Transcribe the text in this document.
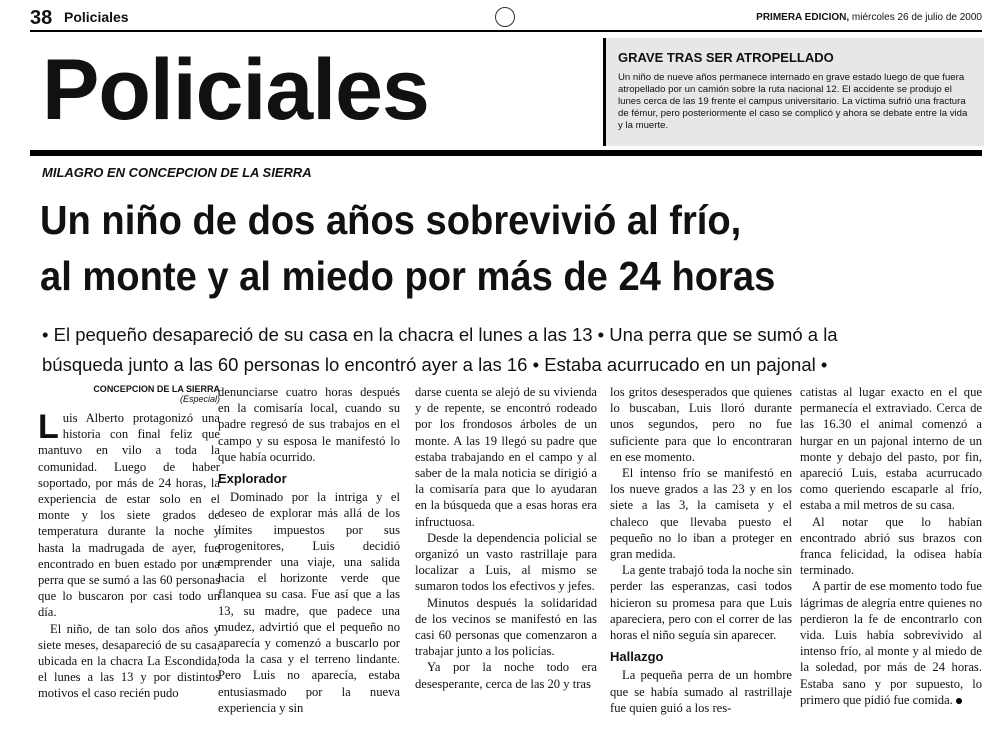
38 Policiales	PRIMERA EDICION, miércoles 26 de julio de 2000
Policiales	GRAVE TRAS SER ATROPELLADO
Un niño de nueve años permanece internado en grave estado luego de que fuera atropellado por un camión sobre la ruta nacional 12. El accidente se produjo el lunes cerca de las 19 frente el campus universitario. La víctima sufrió una fractura de fémur, pero posteriormente el caso se complicó y ahora se debate entre la vida y la muerte.
MILAGRO EN CONCEPCION DE LA SIERRA
Un niño de dos años sobrevivió al frío,
al monte y al miedo por más de 24 horas
• El pequeño desapareció de su casa en la chacra el lunes a las 13 • Una perra que se sumó a la
búsqueda junto a las 60 personas lo encontró ayer a las 16 • Estaba acurrucado en un pajonal •
CONCEPCION DE LA SIERRA
(Especial)

Luis Alberto protagonizó una historia con final feliz que mantuvo en vilo a toda la comunidad. Luego de haber soportado, por más de 24 horas, la experiencia de estar solo en el monte y los siete grados de temperatura durante la noche y hasta la madrugada de ayer, fue encontrado en buen estado por una perra que se sumó a las 60 personas que lo buscaron por casi todo un día.

El niño, de tan solo dos años y siete meses, desapareció de su casa, ubicada en la chacra La Escondida, el lunes a las 13 y por distintos motivos el caso recién pudo

denunciarse cuatro horas después en la comisaría local, cuando su padre regresó de sus trabajos en el campo y su esposa le manifestó lo que había ocurrido.

Explorador

Dominado por la intriga y el deseo de explorar más allá de los límites impuestos por sus progenitores, Luis decidió emprender una viaje, una salida hacia el horizonte verde que flanquea su casa. Fue así que a las 13, su madre, que padece una mudez, advirtió que el pequeño no aparecía y comenzó a buscarlo por toda la casa y el terreno lindante. Pero Luis no aparecía, estaba entusiasmado por la nueva experiencia y sin

darse cuenta se alejó de su vivienda y de repente, se encontró rodeado por los frondosos árboles de un monte. A las 19 llegó su padre que estaba trabajando en el campo y al saber de la mala noticia se dirigió a la comisaría para que lo ayudaran en la búsqueda que a esas horas era infructuosa.

Desde la dependencia policial se organizó un vasto rastrillaje para localizar a Luis, al mismo se sumaron todos los efectivos y jefes.

Minutos después la solidaridad de los vecinos se manifestó en las casi 60 personas que comenzaron a trabajar junto a los policías.

Ya por la noche todo era desesperante, cerca de las 20 y tras

los gritos desesperados que quienes lo buscaban, Luis lloró durante unos segundos, pero no fue suficiente para que lo encontraran en ese momento.

El intenso frío se manifestó en los nueve grados a las 23 y en los siete a las 3, la camiseta y el chaleco que llevaba puesto el pequeño no lo iban a proteger en gran medida.

La gente trabajó toda la noche sin perder las esperanzas, casi todos hicieron su promesa para que Luis apareciera, pero con el correr de las horas el niño seguía sin aparecer.

Hallazgo

La pequeña perra de un hombre que se había sumado al rastrillaje fue quien guió a los res-

catistas al lugar exacto en el que permanecía el extraviado. Cerca de las 16.30 el animal comenzó a hurgar en un pajonal interno de un monte y debajo del pasto, por fin, apareció Luis, estaba acurrucado como queriendo escaparle al frío, estaba a mil metros de su casa.

Al notar que lo habían encontrado abrió sus brazos con franca felicidad, la odisea había terminado.

A partir de ese momento todo fue lágrimas de alegría entre quienes no perdieron la fe de encontrarlo con vida. Luis había sobrevivido al intenso frío, al monte y al miedo de la soledad, por más de 24 horas. Estaba sano y por supuesto, lo primero que pidió fue comida.
